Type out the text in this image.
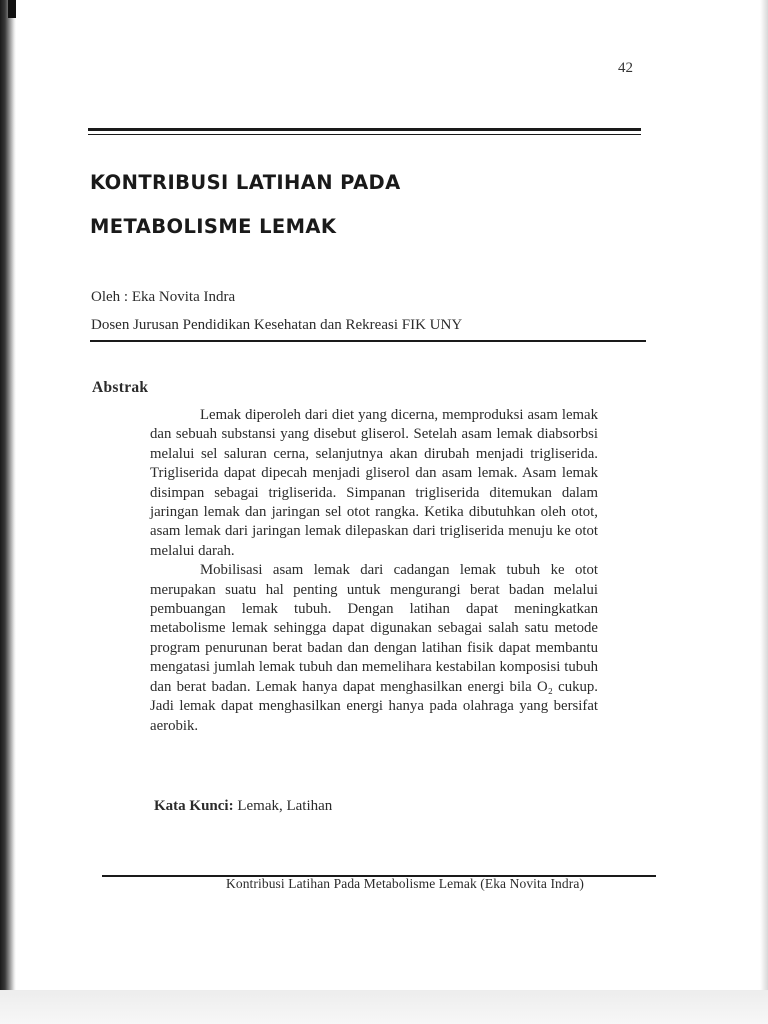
42
KONTRIBUSI LATIHAN PADA
METABOLISME LEMAK
Oleh : Eka Novita Indra
Dosen Jurusan Pendidikan Kesehatan dan Rekreasi FIK UNY
Abstrak

Lemak diperoleh dari diet yang dicerna, memproduksi asam lemak dan sebuah substansi yang disebut gliserol. Setelah asam lemak diabsorbsi melalui sel saluran cerna, selanjutnya akan dirubah menjadi trigliserida. Trigliserida dapat dipecah menjadi gliserol dan asam lemak. Asam lemak disimpan sebagai trigliserida. Simpanan trigliserida ditemukan dalam jaringan lemak dan jaringan sel otot rangka. Ketika dibutuhkan oleh otot, asam lemak dari jaringan lemak dilepaskan dari trigliserida menuju ke otot melalui darah.

Mobilisasi asam lemak dari cadangan lemak tubuh ke otot merupakan suatu hal penting untuk mengurangi berat badan melalui pembuangan lemak tubuh. Dengan latihan dapat meningkatkan metabolisme lemak sehingga dapat digunakan sebagai salah satu metode program penurunan berat badan dan dengan latihan fisik dapat membantu mengatasi jumlah lemak tubuh dan memelihara kestabilan komposisi tubuh dan berat badan. Lemak hanya dapat menghasilkan energi bila O₂ cukup. Jadi lemak dapat menghasilkan energi hanya pada olahraga yang bersifat aerobik.

Kata Kunci: Lemak, Latihan
Kontribusi Latihan Pada Metabolisme Lemak (Eka Novita Indra)
